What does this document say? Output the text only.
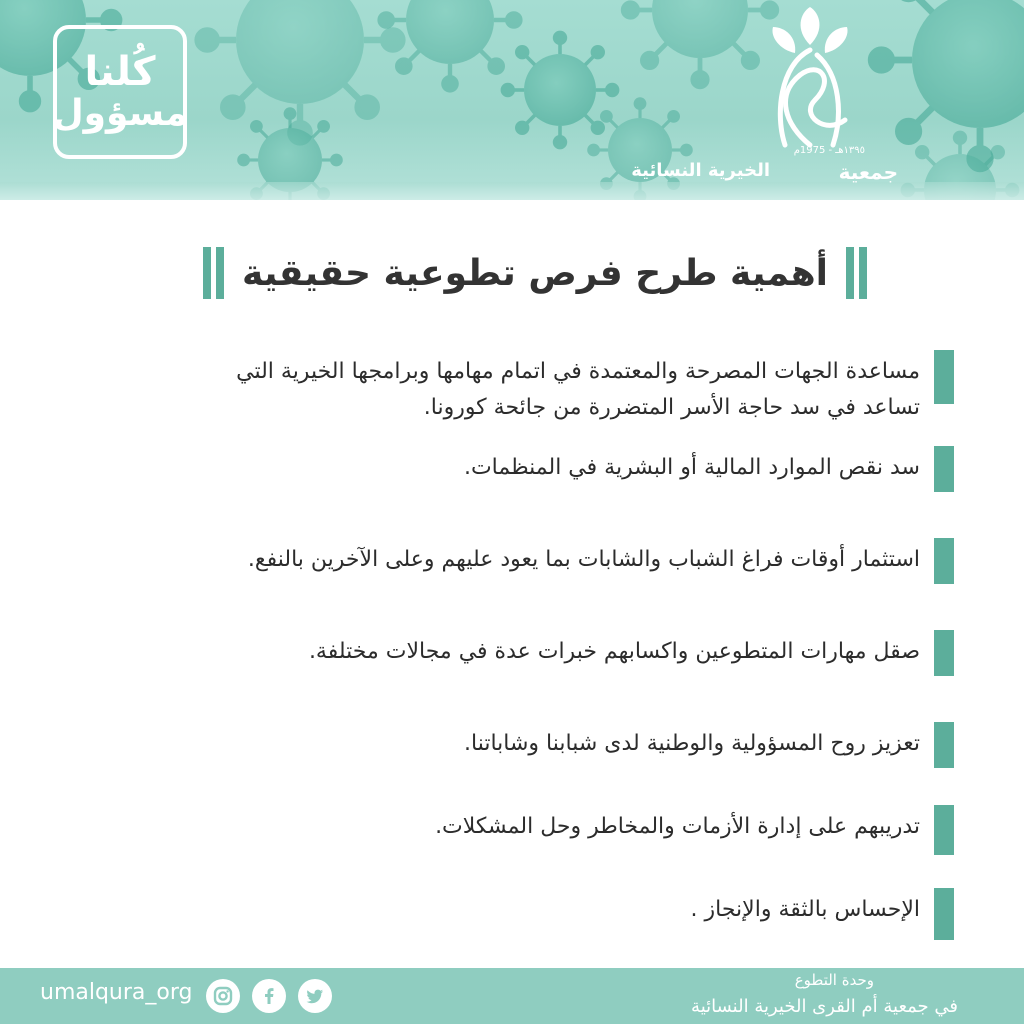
كُلنا
مسؤول
١٣٩٥هـ - 1975م
جمعية
الخيرية النسائية
أهمية طرح فرص تطوعية حقيقية

مساعدة الجهات المصرحة والمعتمدة في اتمام مهامها وبرامجها الخيرية التي تساعد في سد حاجة الأسر المتضررة من جائحة كورونا.

سد نقص الموارد المالية أو البشرية في المنظمات.

استثمار أوقات فراغ الشباب والشابات بما يعود عليهم وعلى الآخرين بالنفع.

صقل مهارات المتطوعين واكسابهم خبرات عدة في مجالات مختلفة.

تعزيز روح المسؤولية والوطنية لدى شبابنا وشاباتنا.

تدريبهم على إدارة الأزمات والمخاطر وحل المشكلات.

الإحساس بالثقة والإنجاز .

umalqura_org	وحدة التطوع
في جمعية أم القرى الخيرية النسائية
